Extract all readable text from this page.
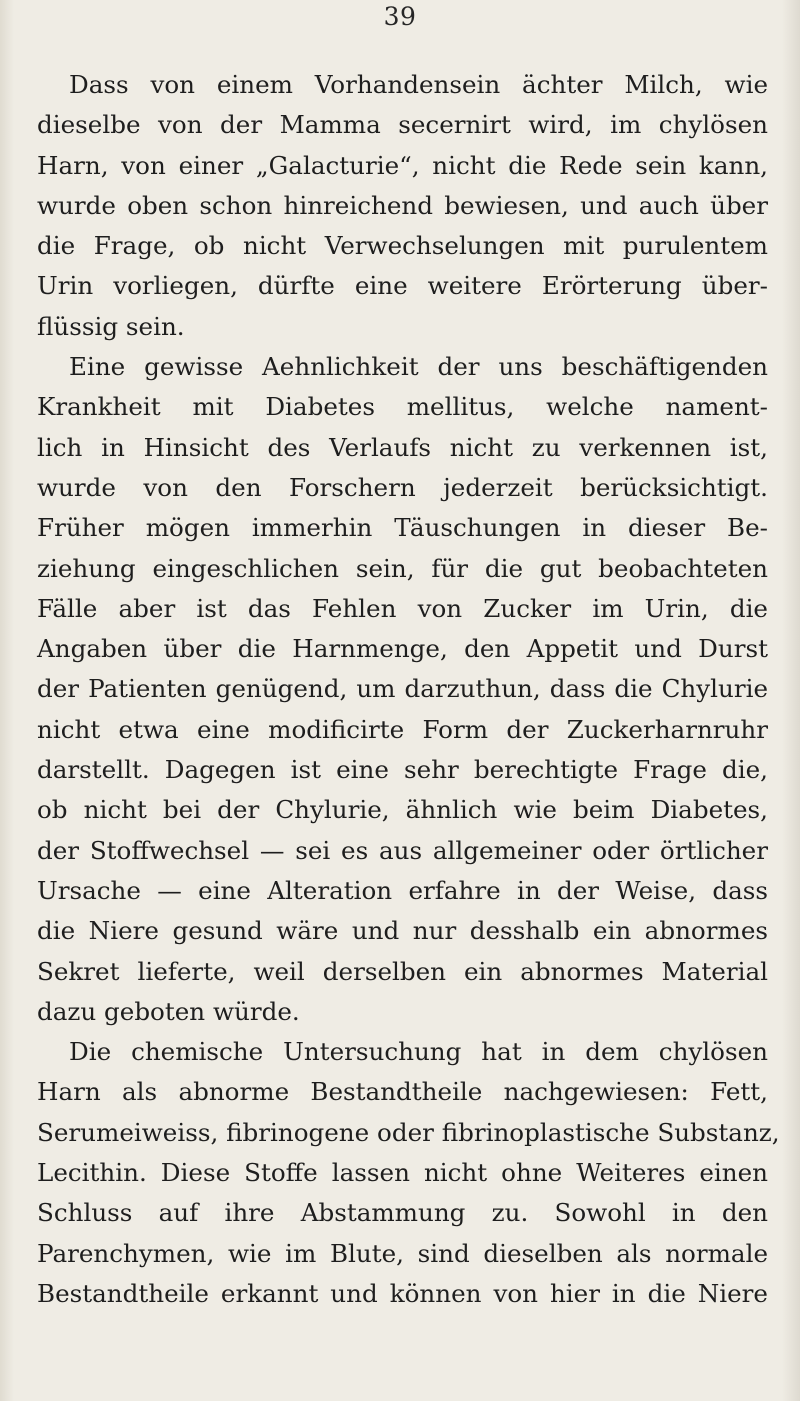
39
Dass von einem Vorhandensein ächter Milch, wie
dieselbe von der Mamma secernirt wird, im chylösen
Harn, von einer „Galacturie“, nicht die Rede sein kann,
wurde oben schon hinreichend bewiesen, und auch über
die Frage, ob nicht Verwechselungen mit purulentem
Urin vorliegen, dürfte eine weitere Erörterung über-
flüssig sein.
Eine gewisse Aehnlichkeit der uns beschäftigenden
Krankheit mit Diabetes mellitus, welche nament-
lich in Hinsicht des Verlaufs nicht zu verkennen ist,
wurde von den Forschern jederzeit berücksichtigt.
Früher mögen immerhin Täuschungen in dieser Be-
ziehung eingeschlichen sein, für die gut beobachteten
Fälle aber ist das Fehlen von Zucker im Urin, die
Angaben über die Harnmenge, den Appetit und Durst
der Patienten genügend, um darzuthun, dass die Chylurie
nicht etwa eine modificirte Form der Zuckerharnruhr
darstellt. Dagegen ist eine sehr berechtigte Frage die,
ob nicht bei der Chylurie, ähnlich wie beim Diabetes,
der Stoffwechsel — sei es aus allgemeiner oder örtlicher
Ursache — eine Alteration erfahre in der Weise, dass
die Niere gesund wäre und nur desshalb ein abnormes
Sekret lieferte, weil derselben ein abnormes Material
dazu geboten würde.
Die chemische Untersuchung hat in dem chylösen
Harn als abnorme Bestandtheile nachgewiesen: Fett,
Serumeiweiss, fibrinogene oder fibrinoplastische Substanz,
Lecithin. Diese Stoffe lassen nicht ohne Weiteres einen
Schluss auf ihre Abstammung zu. Sowohl in den
Parenchymen, wie im Blute, sind dieselben als normale
Bestandtheile erkannt und können von hier in die Niere
